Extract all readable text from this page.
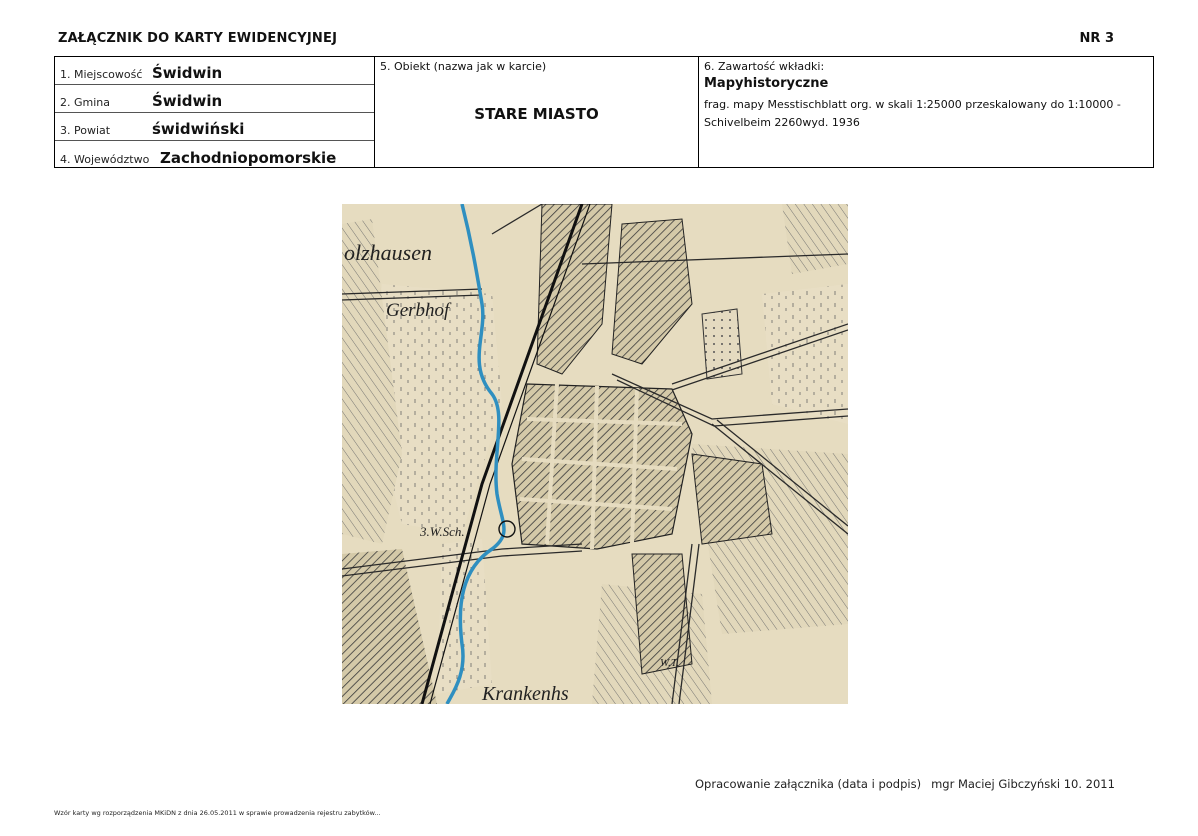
ZAŁĄCZNIK DO KARTY EWIDENCYJNEJ	NR 3
1. Miejscowość Świdwin
2. Gmina	Świdwin
3. Powiat	świdwiński
4. Województwo Zachodniopomorskie
5. Obiekt (nazwa jak w karcie)
STARE MIASTO
6. Zawartość wkładki:
Mapyhistoryczne
frag. mapy Messtischblatt org. w skali 1:25000 przeskalowany do 1:10000 - Schivelbeim 2260wyd. 1936
olzhausen
Gerbhof
Krankenhs
3.W.Sch.
W.T.
Opracowanie załącznika (data i podpis) mgr Maciej Gibczyński 10. 2011
Wzór karty wg rozporządzenia MKiDN z dnia 26.05.2011 w sprawie prowadzenia rejestru zabytków...
